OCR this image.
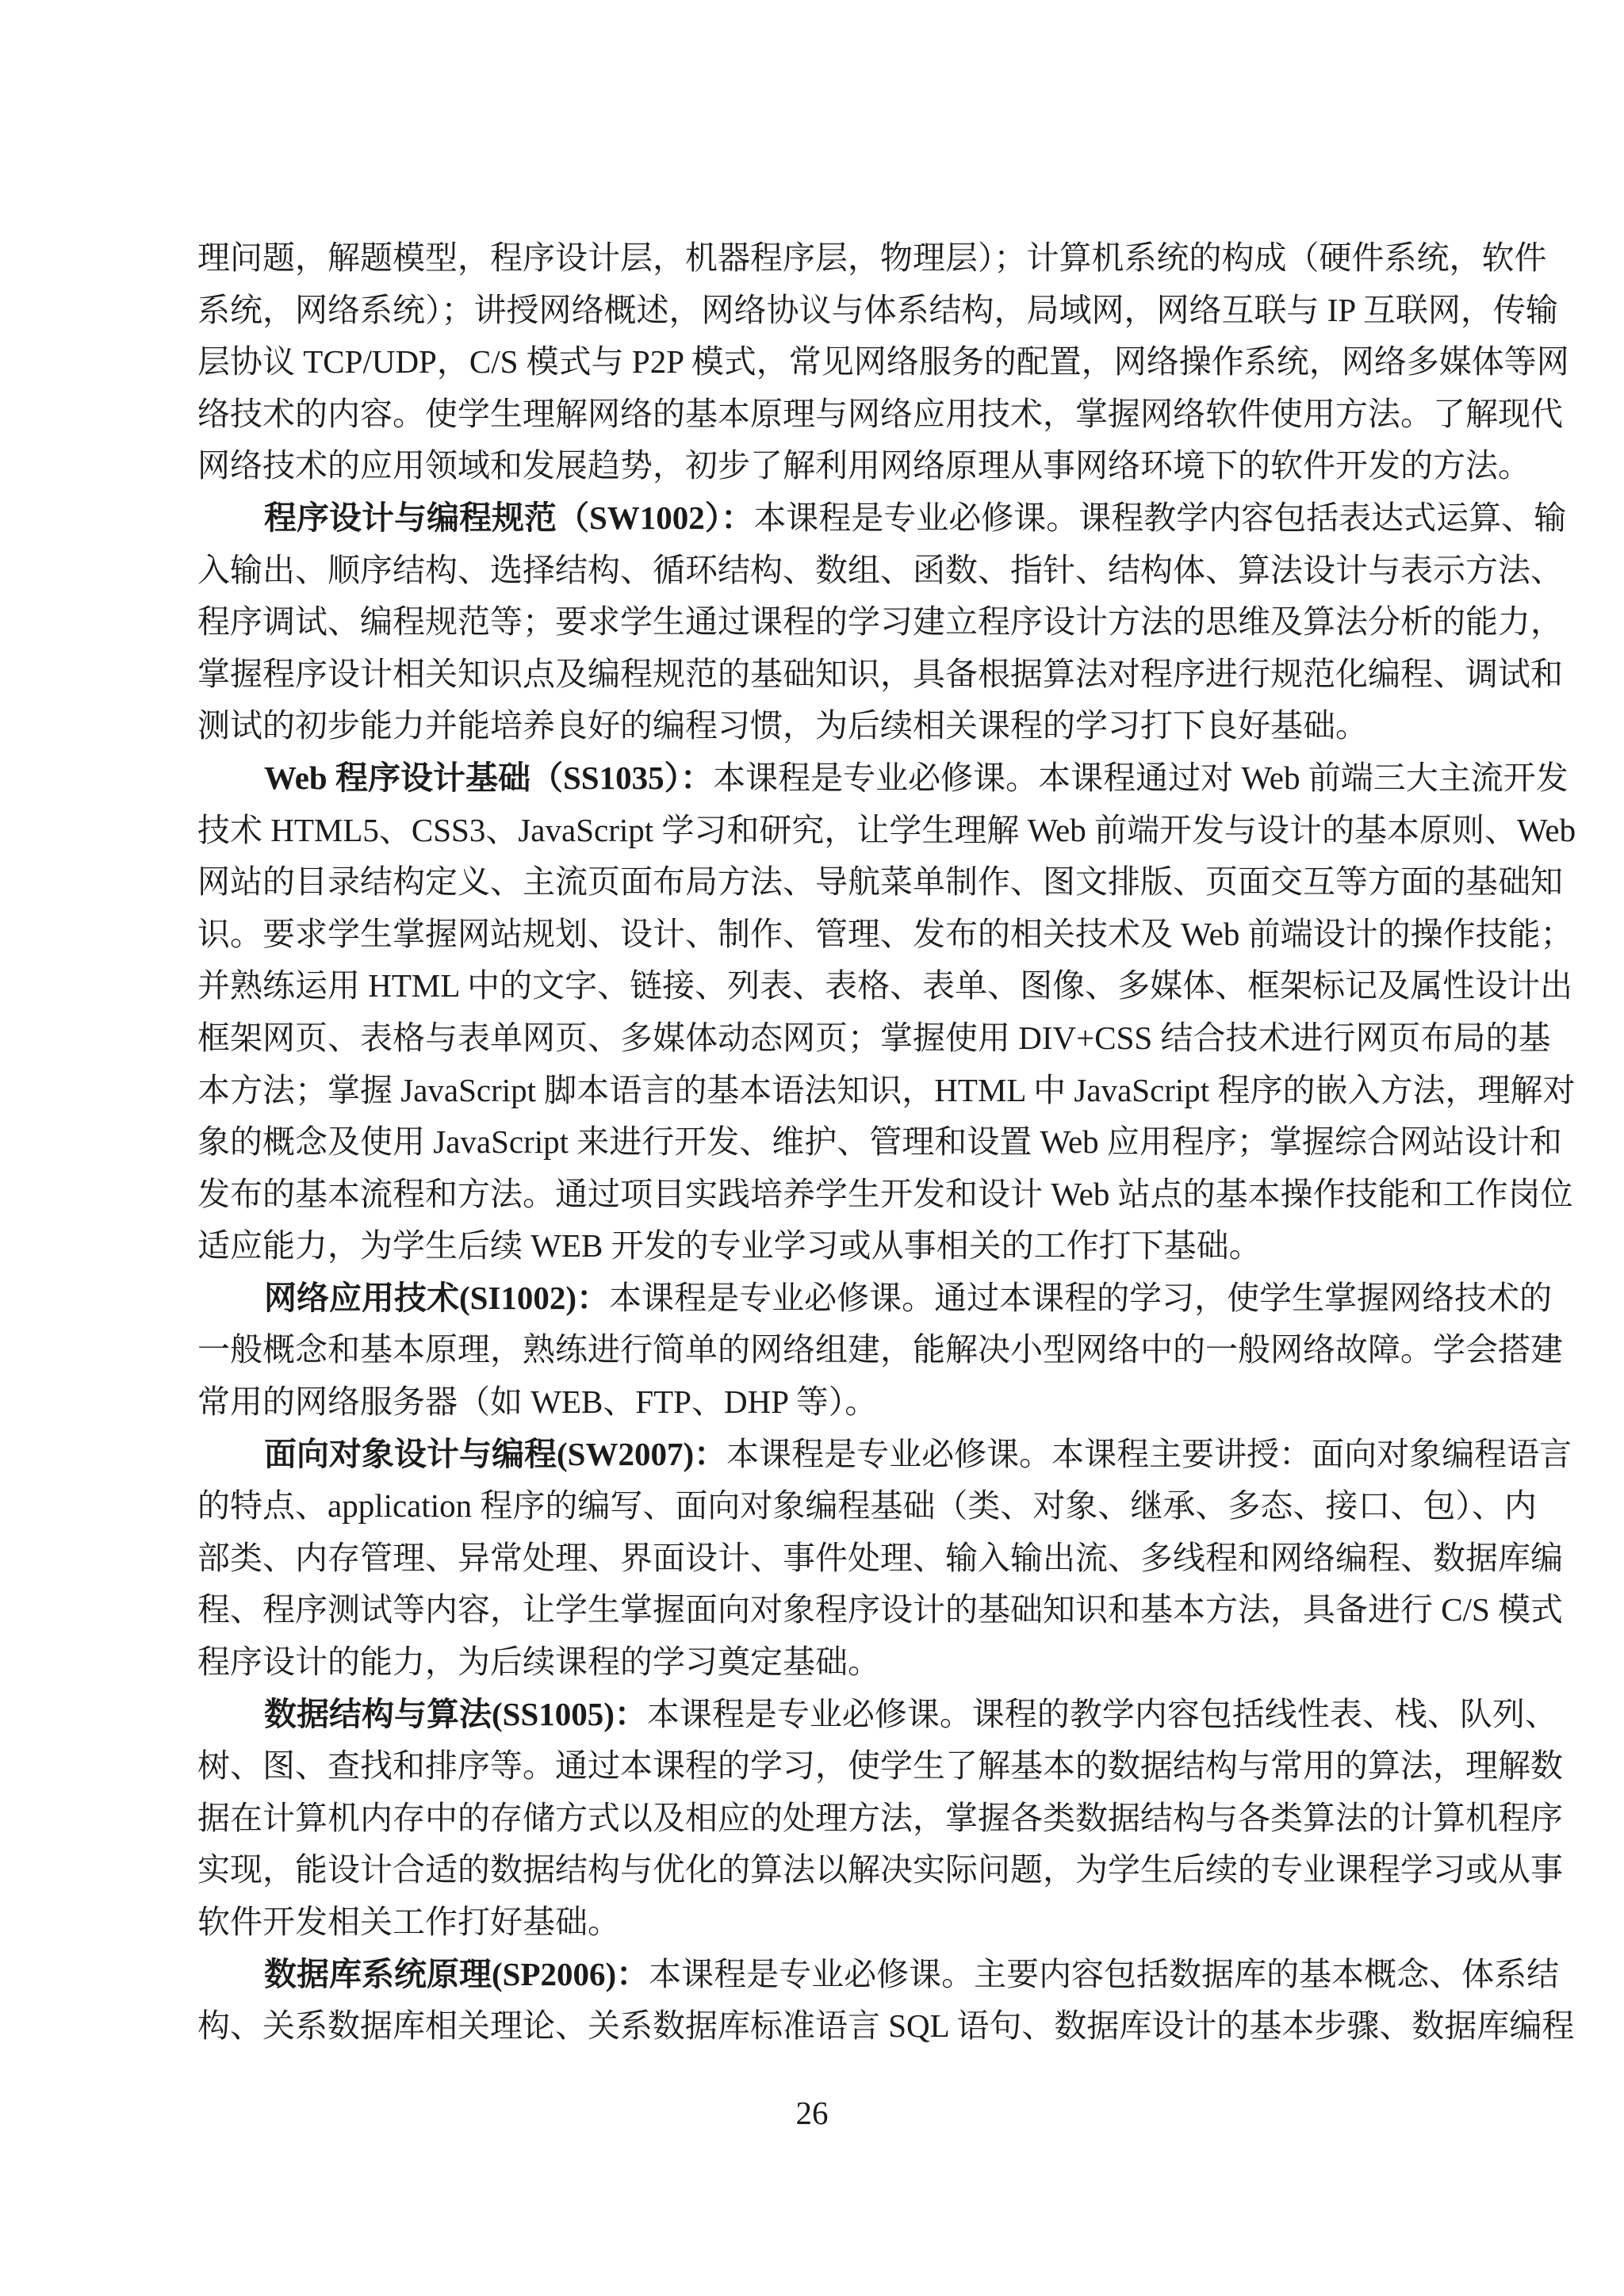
理问题，解题模型，程序设计层，机器程序层，物理层）；计算机系统的构成（硬件系统，软件
系统，网络系统）；讲授网络概述，网络协议与体系结构，局域网，网络互联与 IP 互联网，传输
层协议 TCP/UDP，C/S 模式与 P2P 模式，常见网络服务的配置，网络操作系统，网络多媒体等网
络技术的内容。使学生理解网络的基本原理与网络应用技术，掌握网络软件使用方法。了解现代
网络技术的应用领域和发展趋势，初步了解利用网络原理从事网络环境下的软件开发的方法。
程序设计与编程规范（SW1002）：本课程是专业必修课。课程教学内容包括表达式运算、输
入输出、顺序结构、选择结构、循环结构、数组、函数、指针、结构体、算法设计与表示方法、
程序调试、编程规范等；要求学生通过课程的学习建立程序设计方法的思维及算法分析的能力，
掌握程序设计相关知识点及编程规范的基础知识，具备根据算法对程序进行规范化编程、调试和
测试的初步能力并能培养良好的编程习惯，为后续相关课程的学习打下良好基础。
Web 程序设计基础（SS1035）：本课程是专业必修课。本课程通过对 Web 前端三大主流开发
技术 HTML5、CSS3、JavaScript 学习和研究，让学生理解 Web 前端开发与设计的基本原则、Web
网站的目录结构定义、主流页面布局方法、导航菜单制作、图文排版、页面交互等方面的基础知
识。要求学生掌握网站规划、设计、制作、管理、发布的相关技术及 Web 前端设计的操作技能；
并熟练运用 HTML 中的文字、链接、列表、表格、表单、图像、多媒体、框架标记及属性设计出
框架网页、表格与表单网页、多媒体动态网页；掌握使用 DIV+CSS 结合技术进行网页布局的基
本方法；掌握 JavaScript 脚本语言的基本语法知识，HTML 中 JavaScript 程序的嵌入方法，理解对
象的概念及使用 JavaScript 来进行开发、维护、管理和设置 Web 应用程序；掌握综合网站设计和
发布的基本流程和方法。通过项目实践培养学生开发和设计 Web 站点的基本操作技能和工作岗位
适应能力，为学生后续 WEB 开发的专业学习或从事相关的工作打下基础。
网络应用技术(SI1002)：本课程是专业必修课。通过本课程的学习，使学生掌握网络技术的
一般概念和基本原理，熟练进行简单的网络组建，能解决小型网络中的一般网络故障。学会搭建
常用的网络服务器（如 WEB、FTP、DHP 等）。
面向对象设计与编程(SW2007)：本课程是专业必修课。本课程主要讲授：面向对象编程语言
的特点、application 程序的编写、面向对象编程基础（类、对象、继承、多态、接口、包）、内
部类、内存管理、异常处理、界面设计、事件处理、输入输出流、多线程和网络编程、数据库编
程、程序测试等内容，让学生掌握面向对象程序设计的基础知识和基本方法，具备进行 C/S 模式
程序设计的能力，为后续课程的学习奠定基础。
数据结构与算法(SS1005)：本课程是专业必修课。课程的教学内容包括线性表、栈、队列、
树、图、查找和排序等。通过本课程的学习，使学生了解基本的数据结构与常用的算法，理解数
据在计算机内存中的存储方式以及相应的处理方法，掌握各类数据结构与各类算法的计算机程序
实现，能设计合适的数据结构与优化的算法以解决实际问题，为学生后续的专业课程学习或从事
软件开发相关工作打好基础。
数据库系统原理(SP2006)：本课程是专业必修课。主要内容包括数据库的基本概念、体系结
构、关系数据库相关理论、关系数据库标准语言 SQL 语句、数据库设计的基本步骤、数据库编程
26
